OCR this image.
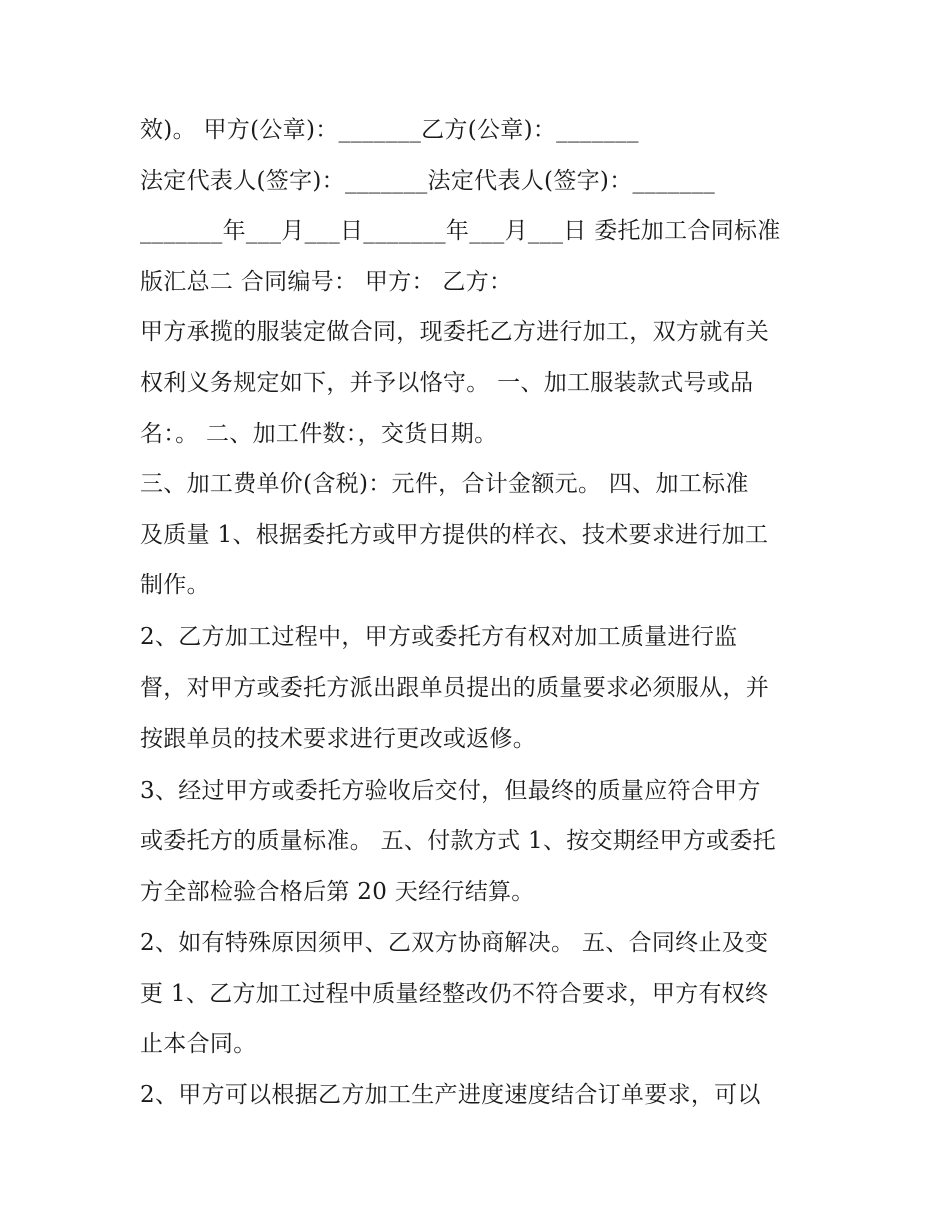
效)。 甲方(公章)：_______乙方(公章)：_______

法定代表人(签字)：_______法定代表人(签字)：_______

_______年___月___日_______年___月___日 委托加工合同标准

版汇总二 合同编号： 甲方： 乙方：

甲方承揽的服装定做合同，现委托乙方进行加工，双方就有关

权利义务规定如下，并予以恪守。 一、加工服装款式号或品

名：。 二、加工件数：，交货日期。

三、加工费单价(含税)：元件，合计金额元。 四、加工标准

及质量 1、根据委托方或甲方提供的样衣、技术要求进行加工

制作。

2、乙方加工过程中，甲方或委托方有权对加工质量进行监

督，对甲方或委托方派出跟单员提出的质量要求必须服从，并

按跟单员的技术要求进行更改或返修。

3、经过甲方或委托方验收后交付，但最终的质量应符合甲方

或委托方的质量标准。 五、付款方式 1、按交期经甲方或委托

方全部检验合格后第 20 天经行结算。

2、如有特殊原因须甲、乙双方协商解决。 五、合同终止及变

更 1、乙方加工过程中质量经整改仍不符合要求，甲方有权终

止本合同。

2、甲方可以根据乙方加工生产进度速度结合订单要求，可以
